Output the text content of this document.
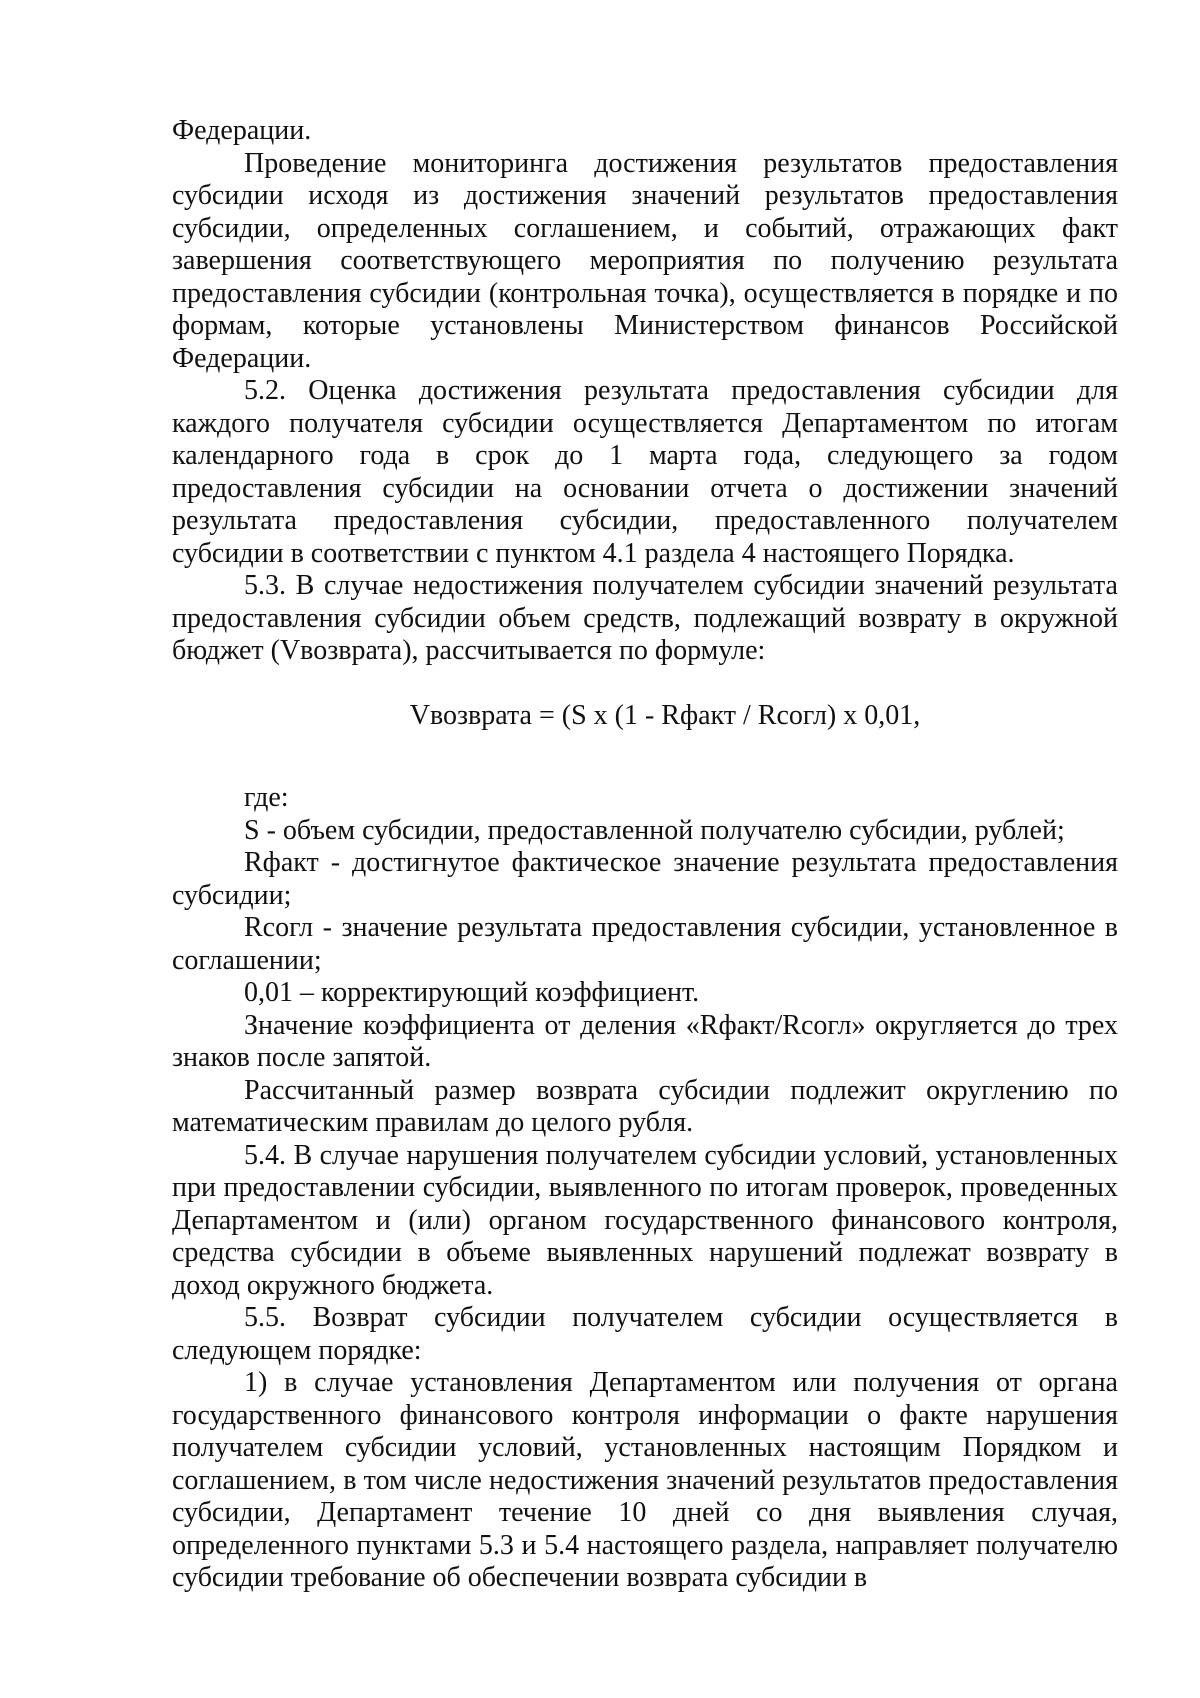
Федерации.

Проведение мониторинга достижения результатов предоставления субсидии исходя из достижения значений результатов предоставления субсидии, определенных соглашением, и событий, отражающих факт завершения соответствующего мероприятия по получению результата предоставления субсидии (контрольная точка), осуществляется в порядке и по формам, которые установлены Министерством финансов Российской Федерации.

5.2. Оценка достижения результата предоставления субсидии для каждого получателя субсидии осуществляется Департаментом по итогам календарного года в срок до 1 марта года, следующего за годом предоставления субсидии на основании отчета о достижении значений результата предоставления субсидии, предоставленного получателем субсидии в соответствии с пунктом 4.1 раздела 4 настоящего Порядка.

5.3. В случае недостижения получателем субсидии значений результата предоставления субсидии объем средств, подлежащий возврату в окружной бюджет (Vвозврата), рассчитывается по формуле:

Vвозврата = (S x (1 - Rфакт / Rсогл) x 0,01,

где:

S - объем субсидии, предоставленной получателю субсидии, рублей;

Rфакт - достигнутое фактическое значение результата предоставления субсидии;

Rсогл - значение результата предоставления субсидии, установленное в соглашении;

0,01 – корректирующий коэффициент.

Значение коэффициента от деления «Rфакт/Rсогл» округляется до трех знаков после запятой.

Рассчитанный размер возврата субсидии подлежит округлению по математическим правилам до целого рубля.

5.4. В случае нарушения получателем субсидии условий, установленных при предоставлении субсидии, выявленного по итогам проверок, проведенных Департаментом и (или) органом государственного финансового контроля, средства субсидии в объеме выявленных нарушений подлежат возврату в доход окружного бюджета.

5.5. Возврат субсидии получателем субсидии осуществляется в следующем порядке:

1) в случае установления Департаментом или получения от органа государственного финансового контроля информации о факте нарушения получателем субсидии условий, установленных настоящим Порядком и соглашением, в том числе недостижения значений результатов предоставления субсидии, Департамент течение 10 дней со дня выявления случая, определенного пунктами 5.3 и 5.4 настоящего раздела, направляет получателю субсидии требование об обеспечении возврата субсидии в
